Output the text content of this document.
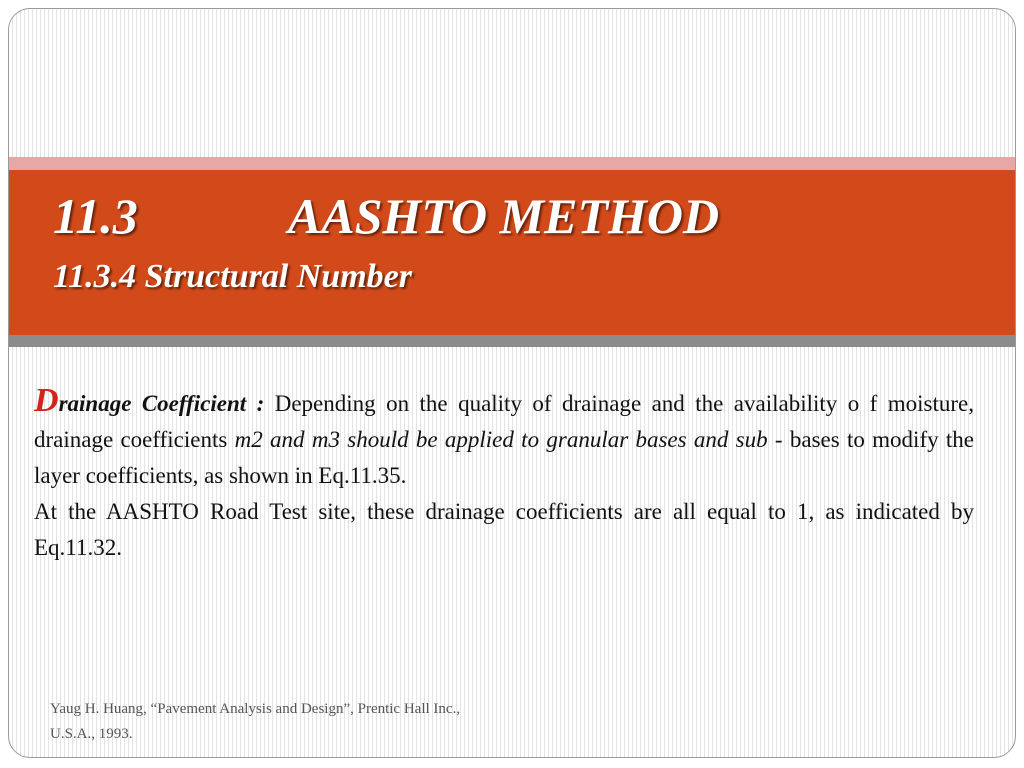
11.3	AASHTO METHOD
11.3.4 Structural Number

Drainage Coefficient : Depending on the quality of drainage and the availability o f moisture, drainage coefficients m2 and m3 should be applied to granular bases and sub - bases to modify the layer coefficients, as shown in Eq.11.35.

At the AASHTO Road Test site, these drainage coefficients are all equal to 1, as indicated by Eq.11.32.

Yaug H. Huang, “Pavement Analysis and Design”, Prentic Hall Inc.,
U.S.A., 1993.
